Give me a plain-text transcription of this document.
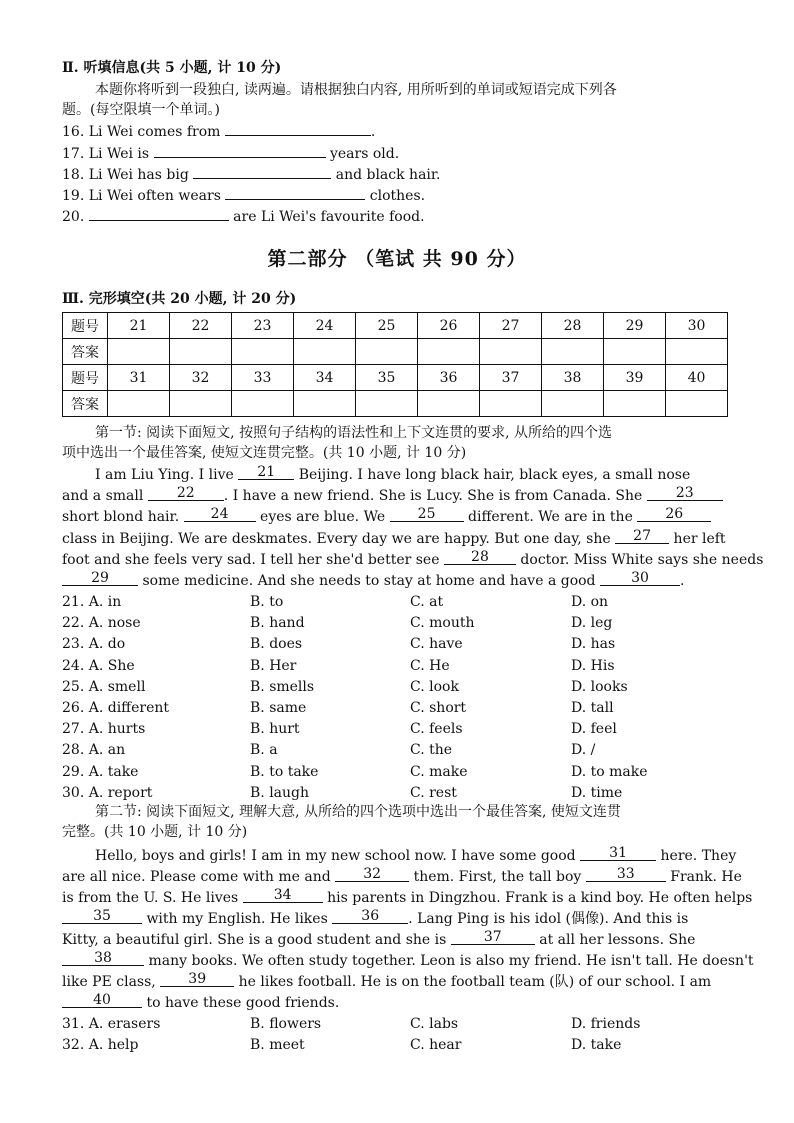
Ⅱ. 听填信息(共 5 小题, 计 10 分)
本题你将听到一段独白, 读两遍。请根据独白内容, 用所听到的单词或短语完成下列各
题。(每空限填一个单词。)
16. Li Wei comes from	.
17. Li Wei is	years old.
18. Li Wei has big	and black hair.
19. Li Wei often wears	clothes.
20.	are Li Wei's favourite food.
第二部分 （笔试 共 90 分）
Ⅲ. 完形填空(共 20 小题, 计 20 分)
题号	21	22	23	24	25	26	27	28	29	30
答案										
题号	31	32	33	34	35	36	37	38	39	40
答案										
第一节: 阅读下面短文, 按照句子结构的语法性和上下文连贯的要求, 从所给的四个选
项中选出一个最佳答案, 使短文连贯完整。(共 10 小题, 计 10 分)
I am Liu Ying. I live 21 Beijing. I have long black hair, black eyes, a small nose
and a small 22 . I have a new friend. She is Lucy. She is from Canada. She 23
short blond hair. 24 eyes are blue. We 25 different. We are in the 26
class in Beijing. We are deskmates. Every day we are happy. But one day, she 27 her left
foot and she feels very sad. I tell her she'd better see 28 doctor. Miss White says she needs
29 some medicine. And she needs to stay at home and have a good	30 .
21. A. in	B. to	C. at	D. on
22. A. nose	B. hand	C. mouth	D. leg
23. A. do	B. does	C. have	D. has
24. A. She	B. Her	C. He	D. His
25. A. smell	B. smells	C. look	D. looks
26. A. different	B. same	C. short	D. tall
27. A. hurts	B. hurt	C. feels	D. feel
28. A. an	B. a	C. the	D. /
29. A. take	B. to take	C. make	D. to make
30. A. report	B. laugh	C. rest	D. time
第二节: 阅读下面短文, 理解大意, 从所给的四个选项中选出一个最佳答案, 使短文连贯
完整。(共 10 小题, 计 10 分)
Hello, boys and girls! I am in my new school now. I have some good 31 here. They
are all nice. Please come with me and 32 them. First, the tall boy	33	Frank. He
is from the U. S. He lives	34	his parents in Dingzhou. Frank is a kind boy. He often helps
35	with my English. He likes 36 . Lang Ping is his idol (偶像). And this is
Kitty, a beautiful girl. She is a good student and she is	37	at all her lessons. She
38	many books. We often study together. Leon is also my friend. He isn't tall. He doesn't
like PE class, 39 he likes football. He is on the football team (队) of our school. I am
40	to have these good friends.
31. A. erasers	B. flowers	C. labs	D. friends
32. A. help	B. meet	C. hear	D. take
